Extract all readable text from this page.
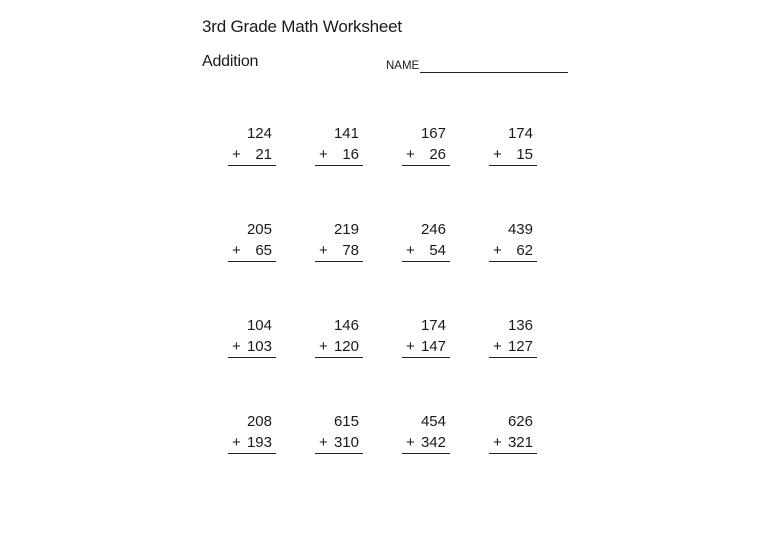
3rd Grade Math Worksheet
Addition	NAME
124
+ 21
141
+ 16
167
+ 26
174
+ 15
205
+ 65
219
+ 78
246
+ 54
439
+ 62
104
+ 103
146
+ 120
174
+ 147
136
+ 127
208
+ 193
615
+ 310
454
+ 342
626
+ 321
